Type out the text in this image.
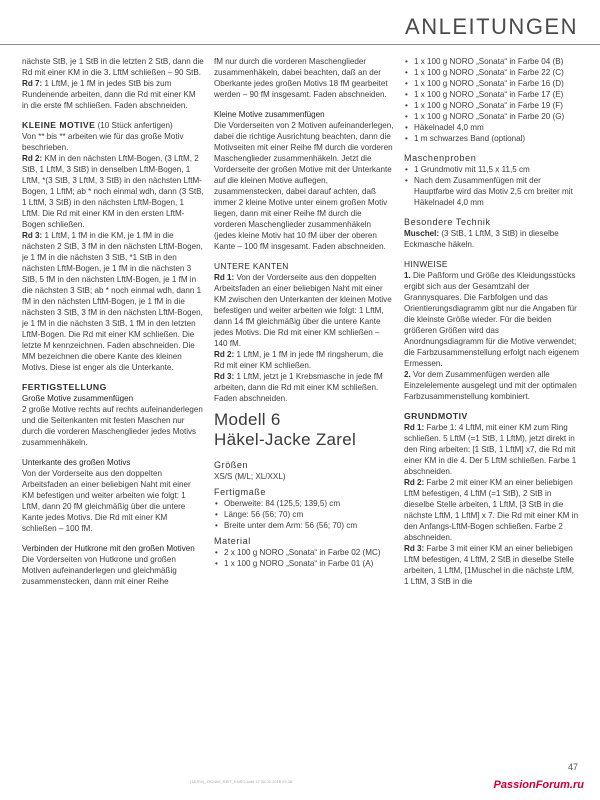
ANLEITUNGEN

nächste StB, je 1 StB in die letzten 2 StB, dann die Rd mit einer KM in die 3. LftM schließen – 90 StB.

Rd 7: 1 LftM, je 1 fM in jedes StB bis zum Rundenende arbeiten, dann die Rd mit einer KM in die erste fM schließen. Faden abschneiden.

KLEINE MOTIVE (10 Stück anfertigen)

Von ** bis ** arbeiten wie für das große Motiv beschrieben.

Rd 2: KM in den nächsten LftM-Bogen, (3 LftM, 2 StB, 1 LftM, 3 StB) in denselben LftM-Bogen, 1 LftM, *(3 StB, 3 LftM, 3 StB) in den nächsten LftM-Bogen, 1 LftM; ab * noch einmal wdh, dann (3 StB, 1 LftM, 3 StB) in den nächsten LftM-Bogen, 1 LftM. Die Rd mit einer KM in den ersten LftM-Bogen schließen.

Rd 3: 1 LftM, 1 fM in die KM, je 1 fM in die nächsten 2 StB, 3 fM in den nächsten LftM-Bogen, je 1 fM in die nächsten 3 StB, *1 StB in den nächsten LftM-Bogen, je 1 fM in die nächsten 3 StB, 5 fM in den nächsten LftM-Bogen, je 1 fM in die nächsten 3 StB; ab * noch einmal wdh, dann 1 fM in den nächsten LftM-Bogen, je 1 fM in die nächsten 3 StB, 3 fM in den nächsten LftM-Bogen, je 1 fM in die nächsten 3 StB, 1 fM in den letzten LftM-Bogen. Die Rd mit einer KM schließen. Die letzte M kennzeichnen. Faden abschneiden. Die MM bezeichnen die obere Kante des kleinen Motivs. Diese ist enger als die Unterkante.

FERTIGSTELLUNG

Große Motive zusammenfügen

2 große Motive rechts auf rechts aufeinanderlegen und die Seitenkanten mit festen Maschen nur durch die vorderen Maschenglieder jedes Motivs zusammenhäkeln.

Unterkante des großen Motivs

Von der Vorderseite aus den doppelten Arbeitsfaden an einer beliebigen Naht mit einer KM befestigen und weiter arbeiten wie folgt: 1 LftM, dann 20 fM gleichmäßig über die untere Kante jedes Motivs. Die Rd mit einer KM schließen – 100 fM.

Verbinden der Hutkrone mit den großen Motiven

Die Vorderseiten von Hutkrone und großen Motiven aufeinanderlegen und gleichmäßig zusammenstecken, dann mit einer Reihe

fM nur durch die vorderen Maschenglieder zusammenhäkeln, dabei beachten, daß an der Oberkante jedes großen Motivs 18 fM gearbeitet werden – 90 fM insgesamt. Faden abschneiden.

Kleine Motive zusammenfügen

Die Vorderseiten von 2 Motiven aufeinanderlegen, dabei die richtige Ausrichtung beachten, dann die Motivseiten mit einer Reihe fM durch die vorderen Maschenglieder zusammenhäkeln. Jetzt die Vorderseite der großen Motive mit der Unterkante auf die kleinen Motive auflegen, zusammenstecken, dabei darauf achten, daß immer 2 kleine Motive unter einem großen Motiv liegen, dann mit einer Reihe fM durch die vorderen Maschenglieder zusammenhäkeln (jedes kleine Motiv hat 10 fM über der oberen Kante – 100 fM insgesamt. Faden abschneiden.

UNTERE KANTEN

Rd 1: Von der Vorderseite aus den doppelten Arbeitsfaden an einer beliebigen Naht mit einer KM zwischen den Unterkanten der kleinen Motive befestigen und weiter arbeiten wie folgt: 1 LftM, dann 14 fM gleichmäßig über die untere Kante jedes Motivs. Die Rd mit einer KM schließen – 140 fM.

Rd 2: 1 LftM, je 1 fM in jede fM ringsherum, die Rd mit einer KM schließen.

Rd 3: 1 LftM, jetzt je 1 Krebsmasche in jede fM arbeiten, dann die Rd mit einer KM schließen. Faden abschneiden.

Modell 6
Häkel-Jacke Zarel

Größen

XS/S (M/L; XL/XXL)

Fertigmaße

• Oberweite: 84 (125,5; 139,5) cm
• Länge: 56 (56; 70) cm
• Breite unter dem Arm: 56 (56; 70) cm

Material

• 2 x 100 g NORO „Sonata“ in Farbe 02 (MC)
• 1 x 100 g NORO „Sonata“ in Farbe 01 (A)
• 1 x 100 g NORO „Sonata“ in Farbe 04 (B)
• 1 x 100 g NORO „Sonata“ in Farbe 22 (C)
• 1 x 100 g NORO „Sonata“ in Farbe 16 (D)
• 1 x 100 g NORO „Sonata“ in Farbe 17 (E)
• 1 x 100 g NORO „Sonata“ in Farbe 19 (F)
• 1 x 100 g NORO „Sonata“ in Farbe 20 (G)
• Häkelnadel 4,0 mm
• 1 m schwarzes Band (optional)

Maschenproben

• 1 Grundmotiv mit 11,5 x 11,5 cm
• Nach dem Zusammenfügen mit der Hauptfarbe wird das Motiv 2,5 cm breiter mit Häkelnadel 4,0 mm

Besondere Technik

Muschel: (3 StB, 1 LftM, 3 StB) in dieselbe Eckmasche häkeln.

HINWEISE

1. Die Paßform und Größe des Kleidungsstücks ergibt sich aus der Gesamtzahl der Grannysquares. Die Farbfolgen und das Orientierungsdiagramm gibt nur die Angaben für die kleinste Größe wieder. Für die beiden größeren Größen wird das Anordnungsdiagramm für die Motive verwendet; die Farbzusammenstellung erfolgt nach eigenem Ermessen.

2. Vor dem Zusammenfügen werden alle Einzelelemente ausgelegt und mit der optimalen Farbzusammenstellung kombiniert.

GRUNDMOTIV

Rd 1: Farbe 1: 4 LftM, mit einer KM zum Ring schließen. 5 LftM (=1 StB, 1 LftM), jetzt direkt in den Ring arbeiten: [1 StB, 1 LftM] x7, die Rd mit einer KM in die 4. Der 5 LftM schließen. Farbe 1 abschneiden.

Rd 2: Farbe 2 mit einer KM an einer beliebigen LftM befestigen, 4 LftM (=1 StB), 2 StB in dieselbe Stelle arbeiten, 1 LftM, [3 StB in die nächste LftM, 1 LftM] x 7. Die Rd mit einer KM in den Anfangs-LftM-Bogen schließen. Farbe 2 abschneiden.

Rd 3: Farbe 3 mit einer KM an einer beliebigen LftM befestigen, 4 LftM, 2 StB in dieselbe Stelle arbeiten, 1 LftM, [1Muschel in die nächste LftM, 1 LftM, 3 StB in die

47
(18,5%)_ZH2406_REIT_ENRO.indd 47 26.01.2018 09:38	PassionForum.ru
